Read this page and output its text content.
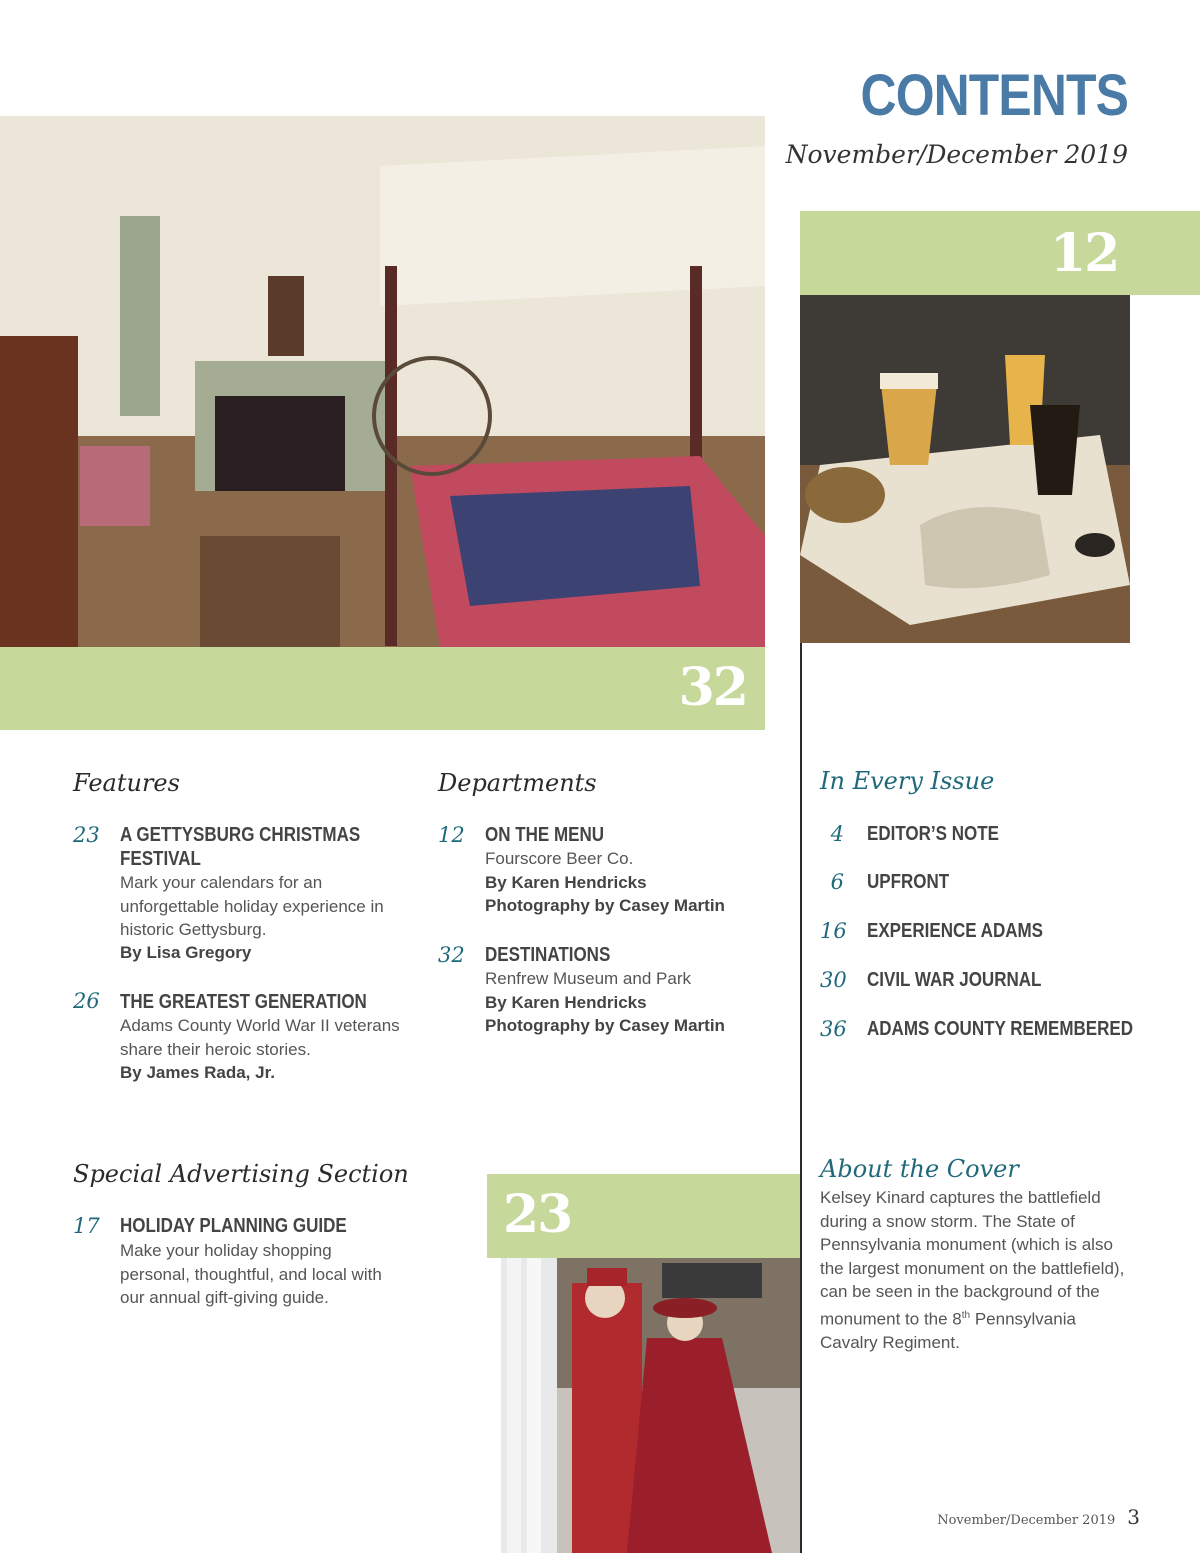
CONTENTS
November/December 2019
32
12
Features
23	A GETTYSBURG CHRISTMAS
FESTIVAL
Mark your calendars for an
unforgettable holiday experience in
historic Gettysburg.
By Lisa Gregory
26	THE GREATEST GENERATION
Adams County World War II veterans
share their heroic stories.
By James Rada, Jr.
Departments
12	ON THE MENU
Fourscore Beer Co.
By Karen Hendricks
Photography by Casey Martin
32	DESTINATIONS
Renfrew Museum and Park
By Karen Hendricks
Photography by Casey Martin
In Every Issue
4 EDITOR’S NOTE
6 UPFRONT
16	EXPERIENCE ADAMS
30	CIVIL WAR JOURNAL
36	ADAMS COUNTY REMEMBERED
Special Advertising Section
17	HOLIDAY PLANNING GUIDE
Make your holiday shopping
personal, thoughtful, and local with
our annual gift-giving guide.
23
About the Cover
Kelsey Kinard captures the battlefield
during a snow storm. The State of
Pennsylvania monument (which is also
the largest monument on the battlefield),
can be seen in the background of the
monument to the 8th Pennsylvania
Cavalry Regiment.
November/December 2019 3
